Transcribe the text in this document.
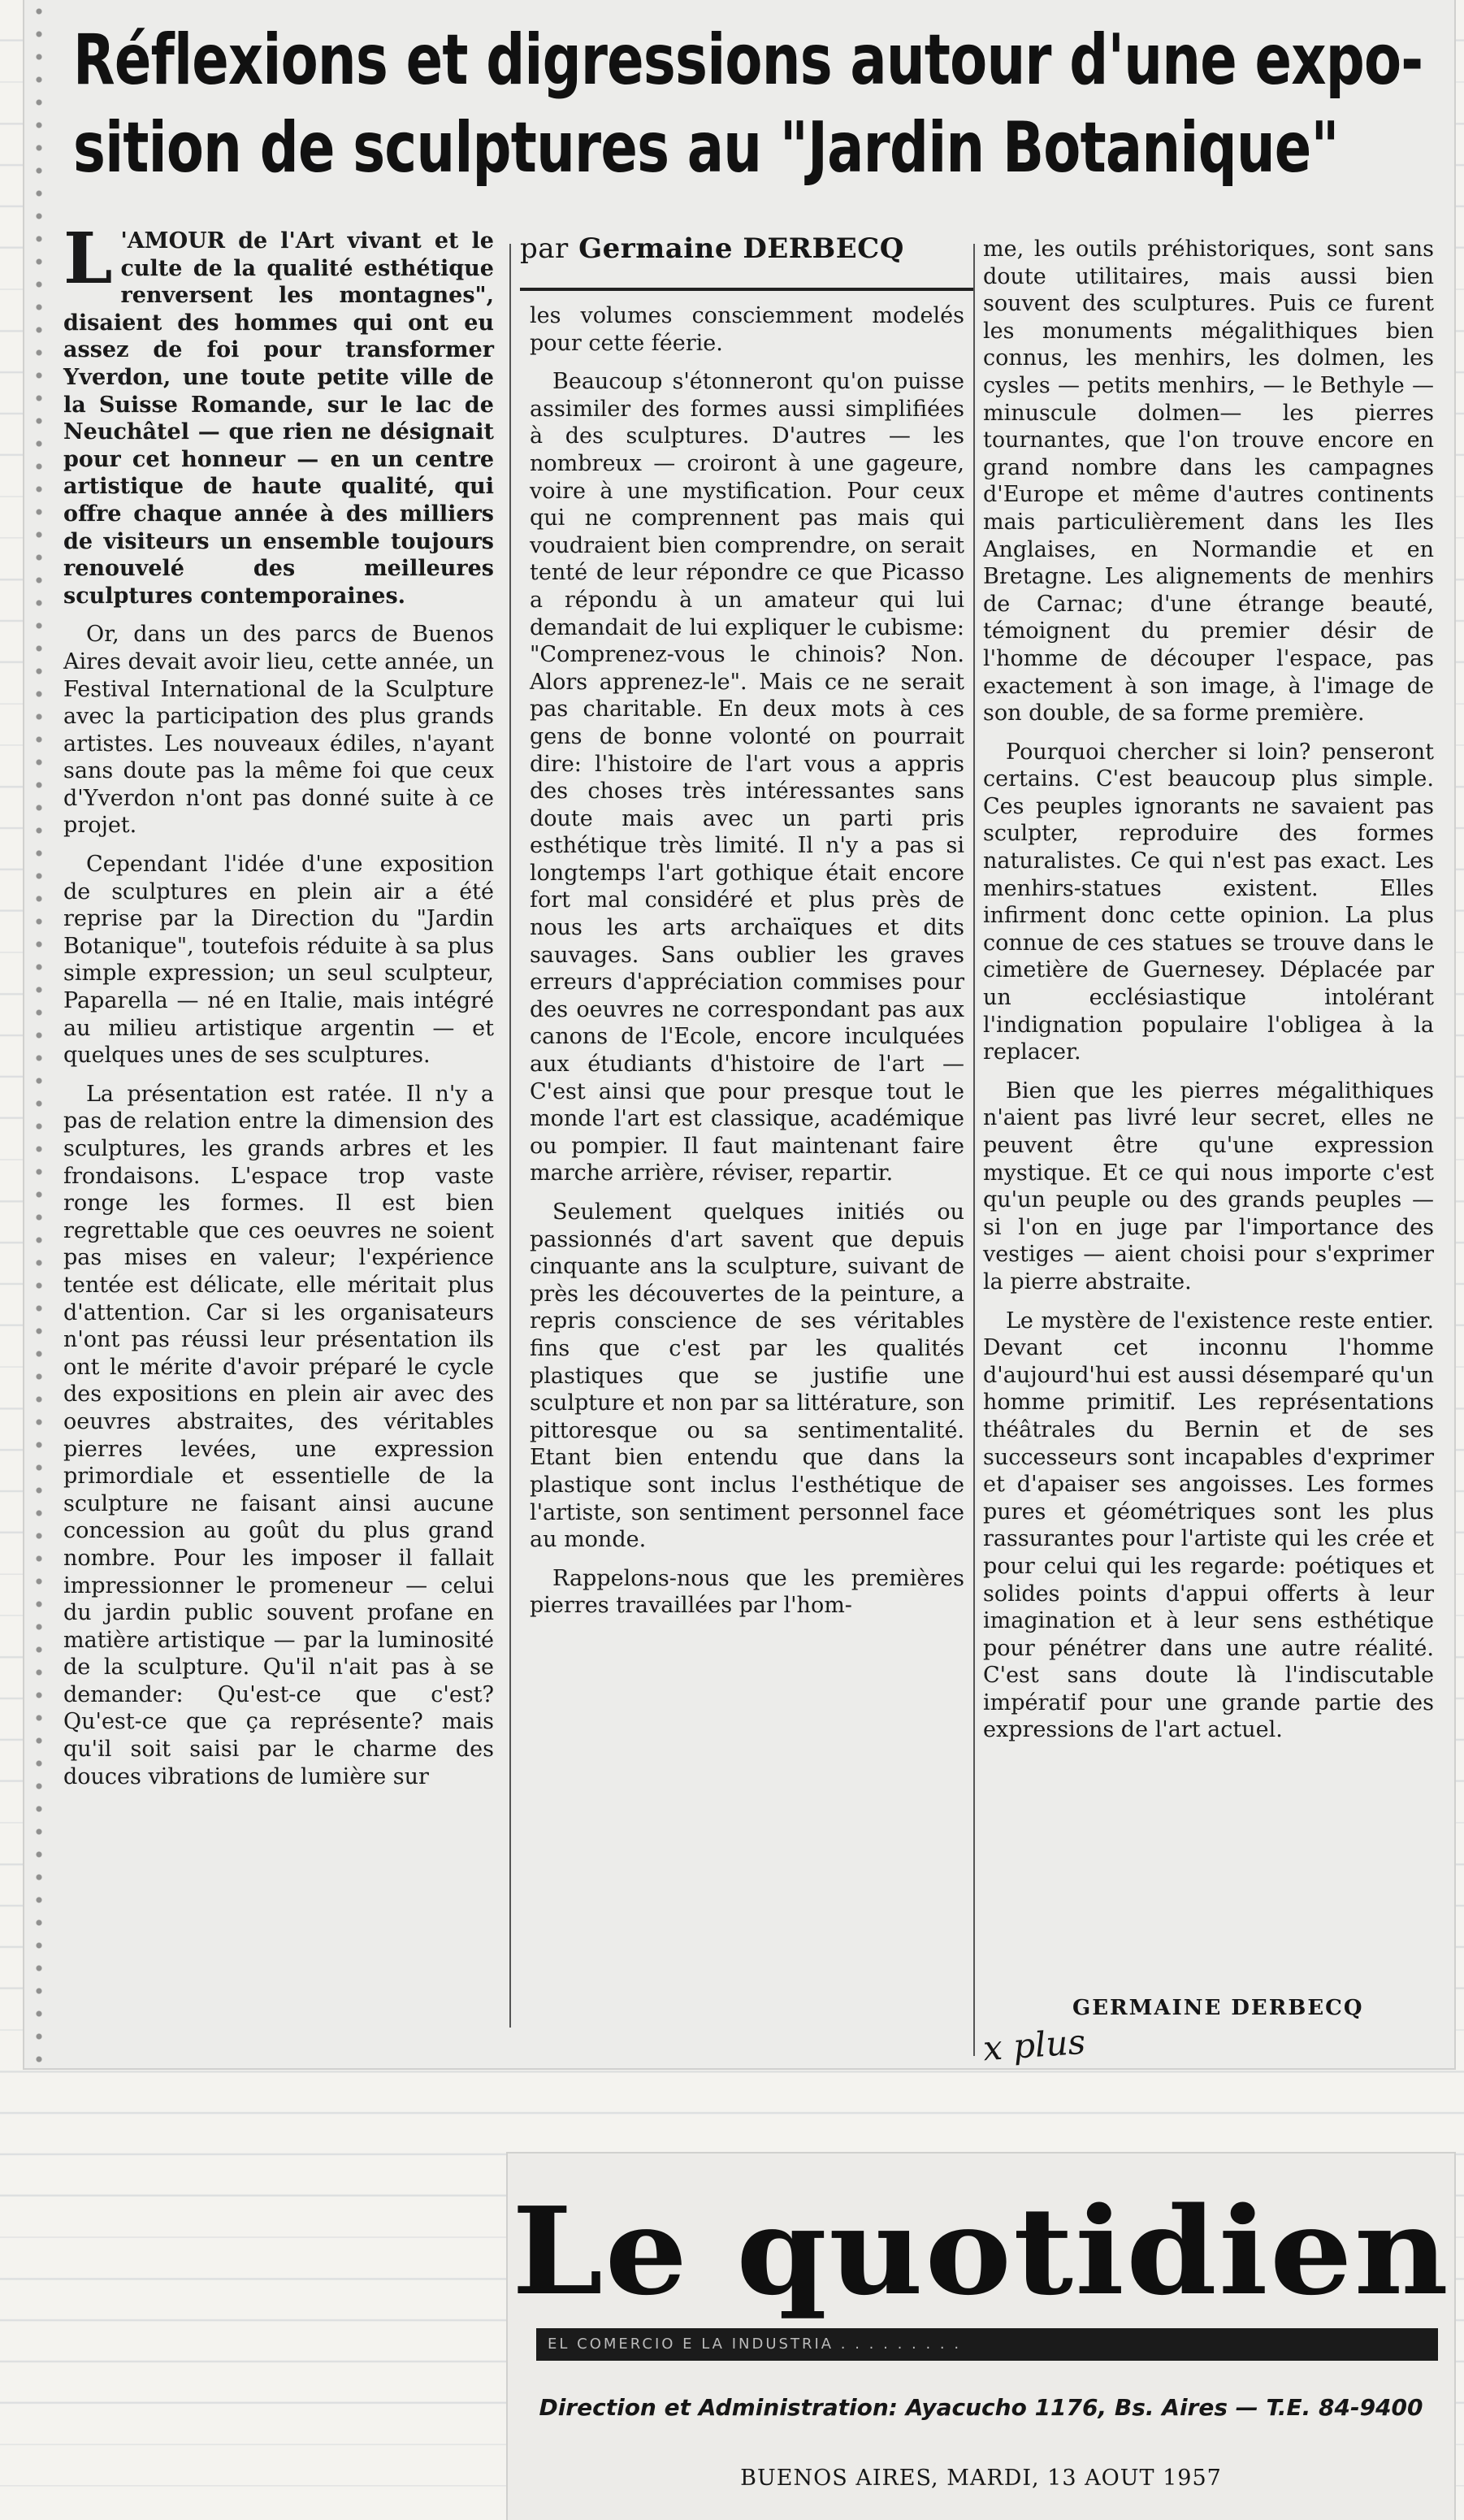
Réflexions et digressions autour d'une expo-
sition de sculptures au "Jardin Botanique"

L 'AMOUR de l'Art vivant et le culte de la qualité esthétique renversent les montagnes", disaient des hommes qui ont eu assez de foi pour transformer Yverdon, une toute petite ville de la Suisse Romande, sur le lac de Neuchâtel — que rien ne désignait pour cet honneur — en un centre artistique de haute qualité, qui offre chaque année à des milliers de visiteurs un ensemble toujours renouvelé des meilleures sculptures contemporaines.

Or, dans un des parcs de Buenos Aires devait avoir lieu, cette année, un Festival International de la Sculpture avec la participation des plus grands artistes. Les nouveaux édiles, n'ayant sans doute pas la même foi que ceux d'Yverdon n'ont pas donné suite à ce projet.

Cependant l'idée d'une exposition de sculptures en plein air a été reprise par la Direction du "Jardin Botanique", toutefois réduite à sa plus simple expression; un seul sculpteur, Paparella — né en Italie, mais intégré au milieu artistique argentin — et quelques unes de ses sculptures.

La présentation est ratée. Il n'y a pas de relation entre la dimension des sculptures, les grands arbres et les frondaisons. L'espace trop vaste ronge les formes. Il est bien regrettable que ces oeuvres ne soient pas mises en valeur; l'expérience tentée est délicate, elle méritait plus d'attention. Car si les organisateurs n'ont pas réussi leur présentation ils ont le mérite d'avoir préparé le cycle des expositions en plein air avec des oeuvres abstraites, des véritables pierres levées, une expression primordiale et essentielle de la sculpture ne faisant ainsi aucune concession au goût du plus grand nombre. Pour les imposer il fallait impressionner le promeneur — celui du jardin public souvent profane en matière artistique — par la luminosité de la sculpture. Qu'il n'ait pas à se demander: Qu'est-ce que c'est? Qu'est-ce que ça représente? mais qu'il soit saisi par le charme des douces vibrations de lumière sur

par Germaine DERBECQ

les volumes consciemment modelés pour cette féerie.

Beaucoup s'étonneront qu'on puisse assimiler des formes aussi simplifiées à des sculptures. D'autres — les nombreux — croiront à une gageure, voire à une mystification. Pour ceux qui ne comprennent pas mais qui voudraient bien comprendre, on serait tenté de leur répondre ce que Picasso a répondu à un amateur qui lui demandait de lui expliquer le cubisme: "Comprenez-vous le chinois? Non. Alors apprenez-le". Mais ce ne serait pas charitable. En deux mots à ces gens de bonne volonté on pourrait dire: l'histoire de l'art vous a appris des choses très intéressantes sans doute mais avec un parti pris esthétique très limité. Il n'y a pas si longtemps l'art gothique était encore fort mal considéré et plus près de nous les arts archaïques et dits sauvages. Sans oublier les graves erreurs d'appréciation commises pour des oeuvres ne correspondant pas aux canons de l'Ecole, encore inculquées aux étudiants d'histoire de l'art — C'est ainsi que pour presque tout le monde l'art est classique, académique ou pompier. Il faut maintenant faire marche arrière, réviser, repartir.

Seulement quelques initiés ou passionnés d'art savent que depuis cinquante ans la sculpture, suivant de près les découvertes de la peinture, a repris conscience de ses véritables fins que c'est par les qualités plastiques que se justifie une sculpture et non par sa littérature, son pittoresque ou sa sentimentalité. Etant bien entendu que dans la plastique sont inclus l'esthétique de l'artiste, son sentiment personnel face au monde.

Rappelons-nous que les premières pierres travaillées par l'hom-

me, les outils préhistoriques, sont sans doute utilitaires, mais aussi bien souvent des sculptures. Puis ce furent les monuments mégalithiques bien connus, les menhirs, les dolmen, les cysles — petits menhirs, — le Bethyle — minuscule dolmen— les pierres tournantes, que l'on trouve encore en grand nombre dans les campagnes d'Europe et même d'autres continents mais particulièrement dans les Iles Anglaises, en Normandie et en Bretagne. Les alignements de menhirs de Carnac; d'une étrange beauté, témoignent du premier désir de l'homme de découper l'espace, pas exactement à son image, à l'image de son double, de sa forme première.

Pourquoi chercher si loin? penseront certains. C'est beaucoup plus simple. Ces peuples ignorants ne savaient pas sculpter, reproduire des formes naturalistes. Ce qui n'est pas exact. Les menhirs-statues existent. Elles infirment donc cette opinion. La plus connue de ces statues se trouve dans le cimetière de Guernesey. Déplacée par un ecclésiastique intolérant l'indignation populaire l'obligea à la replacer.

Bien que les pierres mégalithiques n'aient pas livré leur secret, elles ne peuvent être qu'une expression mystique. Et ce qui nous importe c'est qu'un peuple ou des grands peuples — si l'on en juge par l'importance des vestiges — aient choisi pour s'exprimer la pierre abstraite.

Le mystère de l'existence reste entier. Devant cet inconnu l'homme d'aujourd'hui est aussi désemparé qu'un homme primitif. Les représentations théâtrales du Bernin et de ses successeurs sont incapables d'exprimer et d'apaiser ses angoisses. Les formes pures et géométriques sont les plus rassurantes pour l'artiste qui les crée et pour celui qui les regarde: poétiques et solides points d'appui offerts à leur imagination et à leur sens esthétique pour pénétrer dans une autre réalité. C'est sans doute là l'indiscutable impératif pour une grande partie des expressions de l'art actuel.

GERMAINE DERBECQ
x plus
Le quotidien
EL COMERCIO E LA INDUSTRIA . . . . . . . . .
Direction et Administration: Ayacucho 1176, Bs. Aires — T.E. 84-9400
BUENOS AIRES, MARDI, 13 AOUT 1957
